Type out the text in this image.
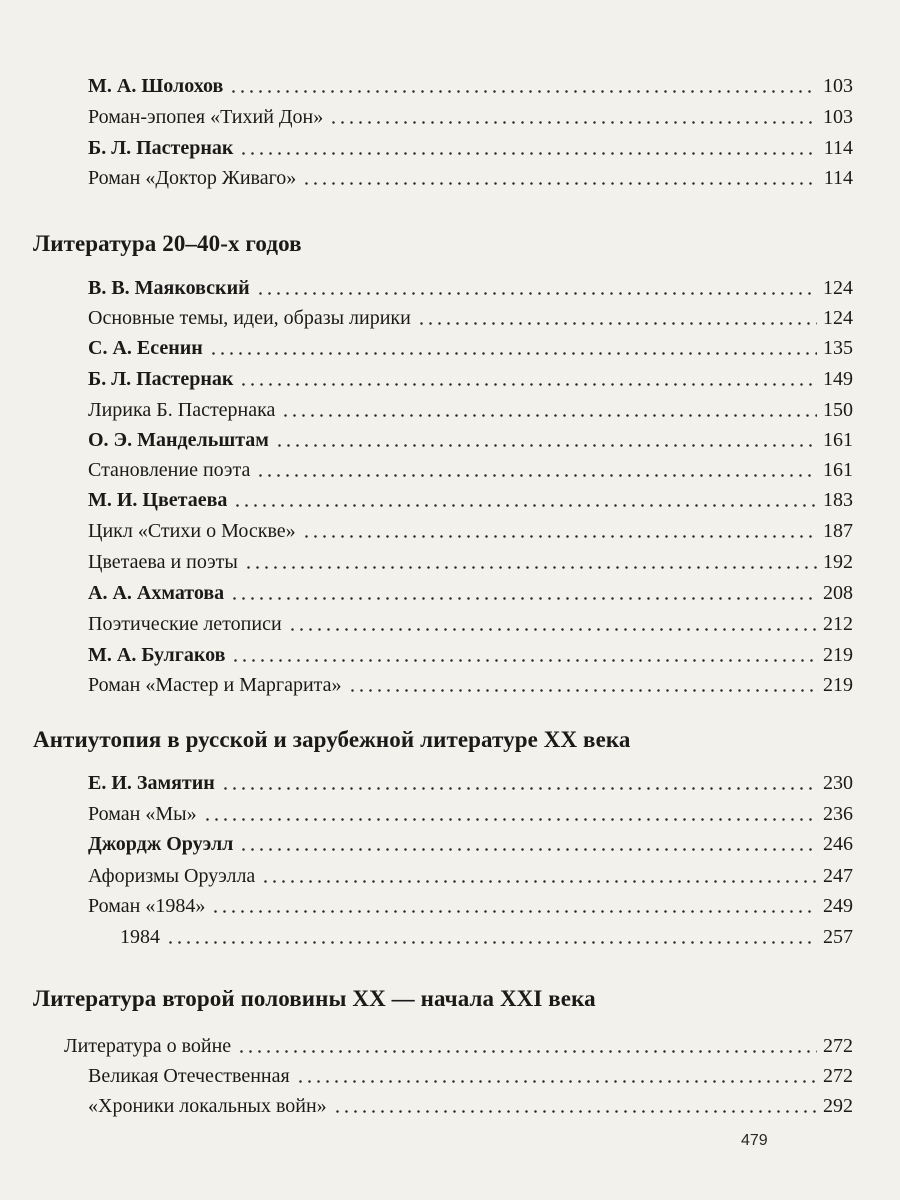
М. А. Шолохов	103
Роман-эпопея «Тихий Дон»	103
Б. Л. Пастернак	114
Роман «Доктор Живаго»	114
Литература 20–40-х годов
В. В. Маяковский	124
Основные темы, идеи, образы лирики	124
С. А. Есенин	135
Б. Л. Пастернак	149
Лирика Б. Пастернака	150
О. Э. Мандельштам	161
Становление поэта	161
М. И. Цветаева	183
Цикл «Стихи о Москве»	187
Цветаева и поэты	192
А. А. Ахматова	208
Поэтические летописи	212
М. А. Булгаков	219
Роман «Мастер и Маргарита»	219
Антиутопия в русской и зарубежной литературе XX века
Е. И. Замятин	230
Роман «Мы»	236
Джордж Оруэлл	246
Афоризмы Оруэлла	247
Роман «1984»	249
1984	257
Литература второй половины XX — начала XXI века
Литература о войне	272
Великая Отечественная	272
«Хроники локальных войн»	292
479
